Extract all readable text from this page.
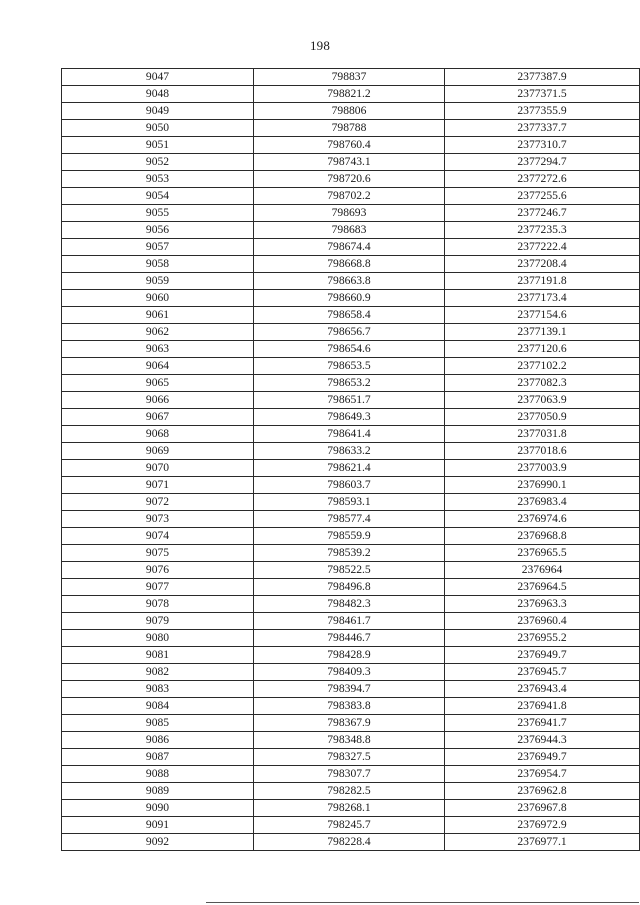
198
9047	798837	2377387.9
9048	798821.2	2377371.5
9049	798806	2377355.9
9050	798788	2377337.7
9051	798760.4	2377310.7
9052	798743.1	2377294.7
9053	798720.6	2377272.6
9054	798702.2	2377255.6
9055	798693	2377246.7
9056	798683	2377235.3
9057	798674.4	2377222.4
9058	798668.8	2377208.4
9059	798663.8	2377191.8
9060	798660.9	2377173.4
9061	798658.4	2377154.6
9062	798656.7	2377139.1
9063	798654.6	2377120.6
9064	798653.5	2377102.2
9065	798653.2	2377082.3
9066	798651.7	2377063.9
9067	798649.3	2377050.9
9068	798641.4	2377031.8
9069	798633.2	2377018.6
9070	798621.4	2377003.9
9071	798603.7	2376990.1
9072	798593.1	2376983.4
9073	798577.4	2376974.6
9074	798559.9	2376968.8
9075	798539.2	2376965.5
9076	798522.5	2376964
9077	798496.8	2376964.5
9078	798482.3	2376963.3
9079	798461.7	2376960.4
9080	798446.7	2376955.2
9081	798428.9	2376949.7
9082	798409.3	2376945.7
9083	798394.7	2376943.4
9084	798383.8	2376941.8
9085	798367.9	2376941.7
9086	798348.8	2376944.3
9087	798327.5	2376949.7
9088	798307.7	2376954.7
9089	798282.5	2376962.8
9090	798268.1	2376967.8
9091	798245.7	2376972.9
9092	798228.4	2376977.1
